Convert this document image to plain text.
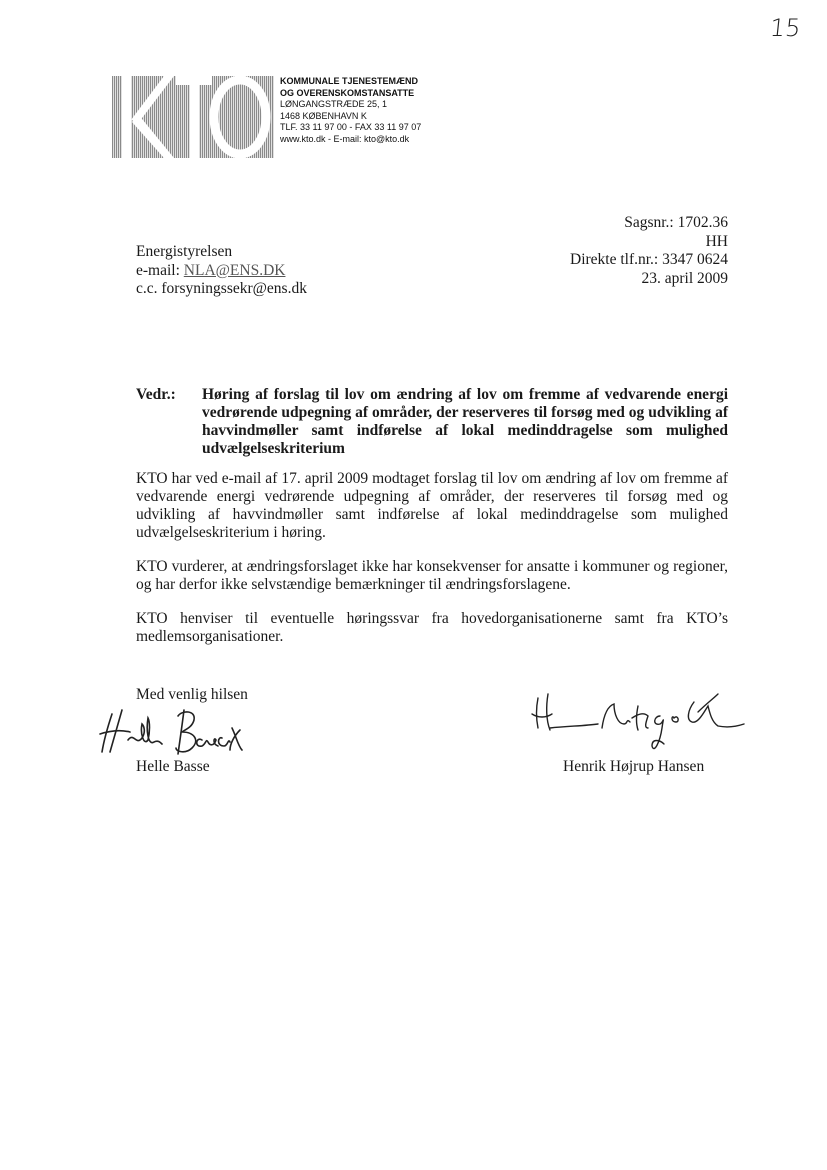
15
KOMMUNALE TJENESTEMÆND
OG OVERENSKOMSTANSATTE
LØNGANGSTRÆDE 25, 1
1468 KØBENHAVN K
TLF. 33 11 97 00 - FAX 33 11 97 07
www.kto.dk - E-mail: kto@kto.dk
Energistyrelsen
e-mail: NLA@ENS.DK
c.c. forsyningssekr@ens.dk
Sagsnr.: 1702.36
HH
Direkte tlf.nr.: 3347 0624
23. april 2009
Vedr.: Høring af forslag til lov om ændring af lov om fremme af vedvarende energi vedrørende udpegning af områder, der reserveres til forsøg med og udvikling af havvindmøller samt indførelse af lokal medinddragelse som mulighed udvælgelseskriterium

KTO har ved e-mail af 17. april 2009 modtaget forslag til lov om ændring af lov om fremme af vedvarende energi vedrørende udpegning af områder, der reserveres til forsøg med og udvikling af havvindmøller samt indførelse af lokal medinddragelse som mulighed udvælgelseskriterium i høring.

KTO vurderer, at ændringsforslaget ikke har konsekvenser for ansatte i kommuner og regioner, og har derfor ikke selvstændige bemærkninger til ændringsforslagene.

KTO henviser til eventuelle høringssvar fra hovedorganisationerne samt fra KTO’s medlemsorganisationer.

Med venlig hilsen
Helle Basse	Henrik Højrup Hansen
